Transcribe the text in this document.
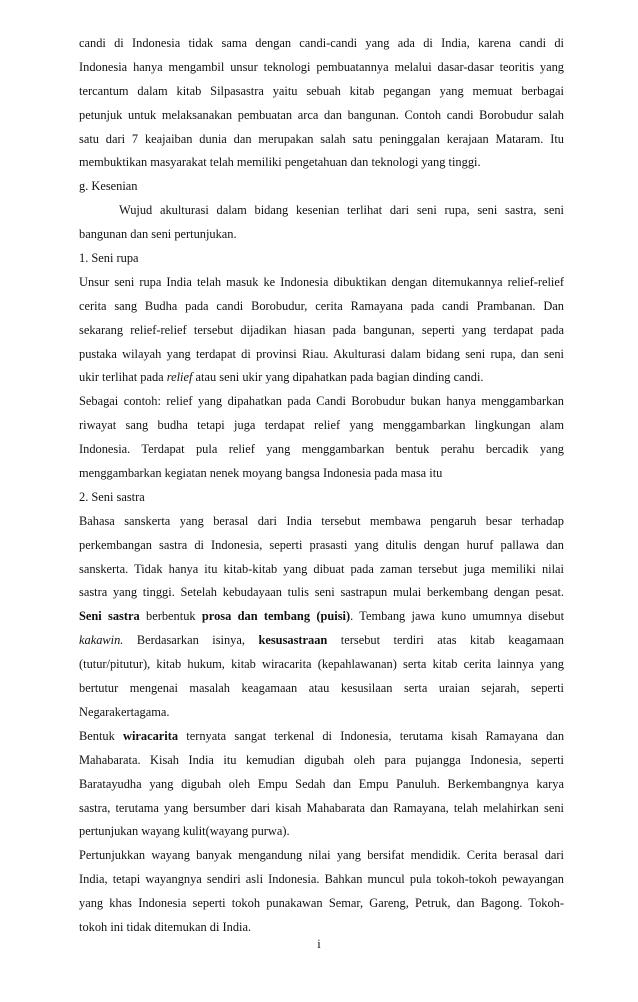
candi di Indonesia tidak sama dengan candi-candi yang ada di India, karena candi di
Indonesia hanya mengambil unsur teknologi pembuatannya melalui dasar-dasar teoritis yang
tercantum dalam kitab Silpasastra yaitu sebuah kitab pegangan yang memuat berbagai
petunjuk untuk melaksanakan pembuatan arca dan bangunan. Contoh candi Borobudur salah
satu dari 7 keajaiban dunia dan merupakan salah satu peninggalan kerajaan Mataram. Itu
membuktikan masyarakat telah memiliki pengetahuan dan teknologi yang tinggi.
g. Kesenian
Wujud akulturasi dalam bidang kesenian terlihat dari seni rupa, seni sastra, seni
bangunan dan seni pertunjukan.
1. Seni rupa
Unsur seni rupa India telah masuk ke Indonesia dibuktikan dengan ditemukannya relief-relief
cerita sang Budha pada candi Borobudur, cerita Ramayana pada candi Prambanan. Dan
sekarang relief-relief tersebut dijadikan hiasan pada bangunan, seperti yang terdapat pada
pustaka wilayah yang terdapat di provinsi Riau. Akulturasi dalam bidang seni rupa, dan seni
ukir terlihat pada relief atau seni ukir yang dipahatkan pada bagian dinding candi.
Sebagai contoh: relief yang dipahatkan pada Candi Borobudur bukan hanya menggambarkan
riwayat sang budha tetapi juga terdapat relief yang menggambarkan lingkungan alam
Indonesia. Terdapat pula relief yang menggambarkan bentuk perahu bercadik yang
menggambarkan kegiatan nenek moyang bangsa Indonesia pada masa itu
2. Seni sastra
Bahasa sanskerta yang berasal dari India tersebut membawa pengaruh besar terhadap
perkembangan sastra di Indonesia, seperti prasasti yang ditulis dengan huruf pallawa dan
sanskerta. Tidak hanya itu kitab-kitab yang dibuat pada zaman tersebut juga memiliki nilai
sastra yang tinggi. Setelah kebudayaan tulis seni sastrapun mulai berkembang dengan pesat.
Seni sastra berbentuk prosa dan tembang (puisi). Tembang jawa kuno umumnya disebut
kakawin. Berdasarkan isinya, kesusastraan tersebut terdiri atas kitab keagamaan
(tutur/pitutur), kitab hukum, kitab wiracarita (kepahlawanan) serta kitab cerita lainnya yang
bertutur mengenai masalah keagamaan atau kesusilaan serta uraian sejarah, seperti
Negarakertagama.
Bentuk wiracarita ternyata sangat terkenal di Indonesia, terutama kisah Ramayana dan
Mahabarata. Kisah India itu kemudian digubah oleh para pujangga Indonesia, seperti
Baratayudha yang digubah oleh Empu Sedah dan Empu Panuluh. Berkembangnya karya
sastra, terutama yang bersumber dari kisah Mahabarata dan Ramayana, telah melahirkan seni
pertunjukan wayang kulit(wayang purwa).
Pertunjukkan wayang banyak mengandung nilai yang bersifat mendidik. Cerita berasal dari
India, tetapi wayangnya sendiri asli Indonesia. Bahkan muncul pula tokoh-tokoh pewayangan
yang khas Indonesia seperti tokoh punakawan Semar, Gareng, Petruk, dan Bagong. Tokoh-
tokoh ini tidak ditemukan di India.
i
